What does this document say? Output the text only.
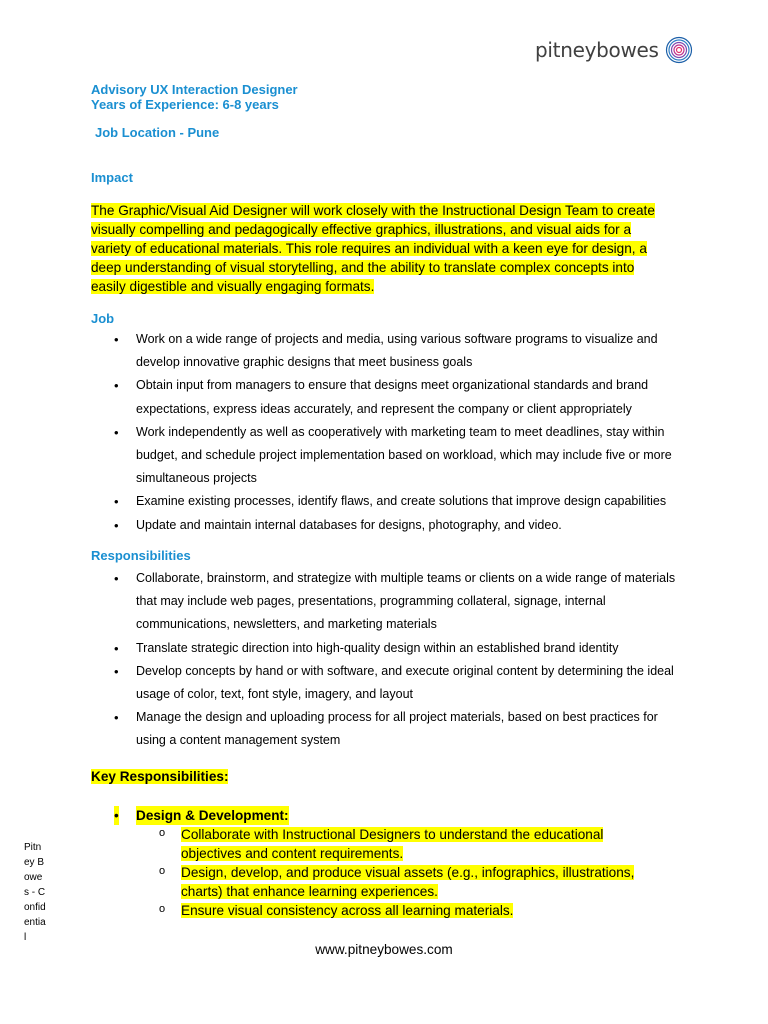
pitneybowes
Advisory UX Interaction Designer
Years of Experience: 6-8 years
Job Location - Pune
Impact
The Graphic/Visual Aid Designer will work closely with the Instructional Design Team to create
visually compelling and pedagogically effective graphics, illustrations, and visual aids for a
variety of educational materials. This role requires an individual with a keen eye for design, a
deep understanding of visual storytelling, and the ability to translate complex concepts into
easily digestible and visually engaging formats.
Job
• Work on a wide range of projects and media, using various software programs to visualize and develop innovative graphic designs that meet business goals
• Obtain input from managers to ensure that designs meet organizational standards and brand expectations, express ideas accurately, and represent the company or client appropriately
• Work independently as well as cooperatively with marketing team to meet deadlines, stay within budget, and schedule project implementation based on workload, which may include five or more simultaneous projects
• Examine existing processes, identify flaws, and create solutions that improve design capabilities
• Update and maintain internal databases for designs, photography, and video.
Responsibilities
• Collaborate, brainstorm, and strategize with multiple teams or clients on a wide range of materials that may include web pages, presentations, programming collateral, signage, internal communications, newsletters, and marketing materials
• Translate strategic direction into high-quality design within an established brand identity
• Develop concepts by hand or with software, and execute original content by determining the ideal usage of color, text, font style, imagery, and layout
• Manage the design and uploading process for all project materials, based on best practices for using a content management system
Key Responsibilities:
• Design & Development:
o Collaborate with Instructional Designers to understand the educational objectives and content requirements.
o Design, develop, and produce visual assets (e.g., infographics, illustrations, charts) that enhance learning experiences.
o Ensure visual consistency across all learning materials.
www.pitneybowes.com
Pitney Bowes - Confidential
